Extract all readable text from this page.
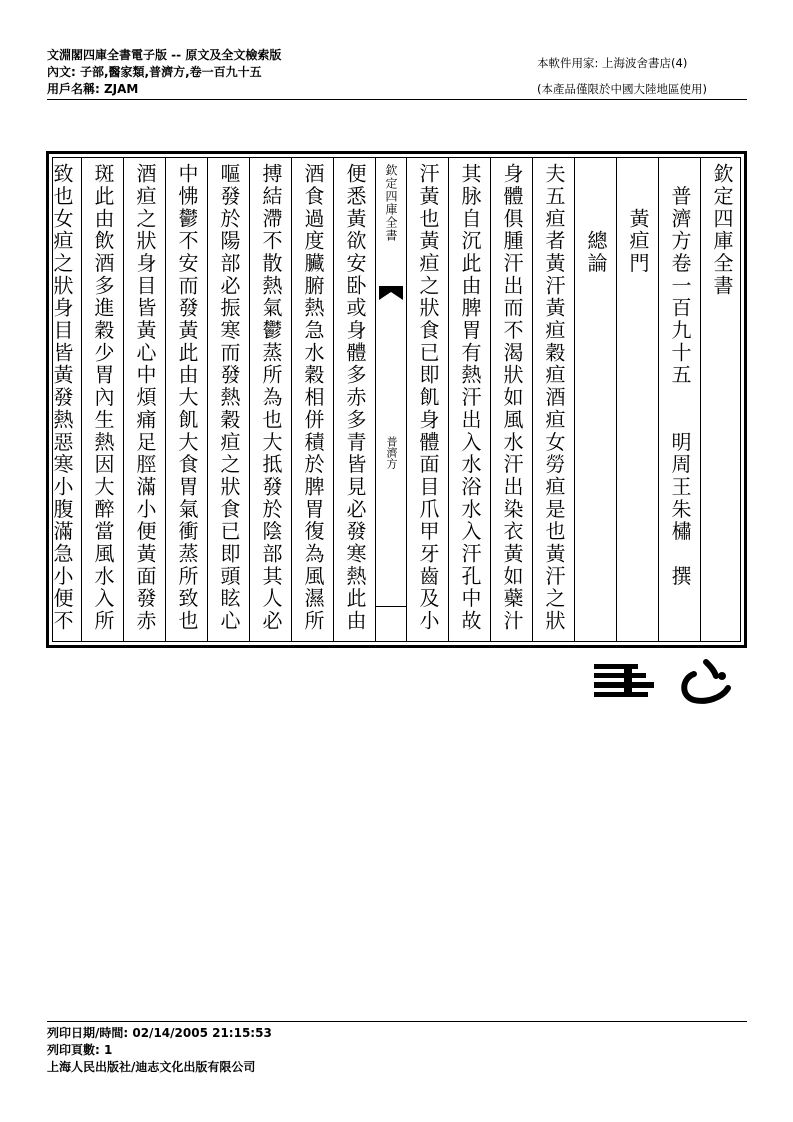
文淵閣四庫全書電子版 -- 原文及全文檢索版
內文: 子部,醫家類,普濟方,卷一百九十五
用戶名稱: ZJAM
本軟件用家: 上海波舍書店(4)
(本產品僅限於中國大陸地區使用)
欽定四庫全書
　普濟方卷一百九十五　　明周王朱橚　撰
　　黃疸門
　　　總論
夫五疸者黃汗黃疸穀疸酒疸女勞疸是也黃汗之狀
身體俱腫汗出而不渴狀如風水汗出染衣黃如蘗汁
其脉自沉此由脾胃有熱汗出入水浴水入汗孔中故
汗黃也黃疸之狀食已即飢身體面目爪甲牙齒及小
欽定四庫全書
普濟方
便悉黃欲安卧或身體多赤多青皆見必發寒熱此由
酒食過度臟腑熱急水穀相併積於脾胃復為風濕所
搏結滯不散熱氣鬱蒸所為也大抵發於陰部其人必
嘔發於陽部必振寒而發熱穀疸之狀食已即頭眩心
中怫鬱不安而發黃此由大飢大食胃氣衝蒸所致也
酒疸之狀身目皆黃心中煩痛足脛滿小便黃面發赤
斑此由飲酒多進穀少胃內生熱因大醉當風水入所
致也女疸之狀身目皆黃發熱惡寒小腹滿急小便不
列印日期/時間: 02/14/2005 21:15:53
列印頁數: 1
上海人民出版社/迪志文化出版有限公司
